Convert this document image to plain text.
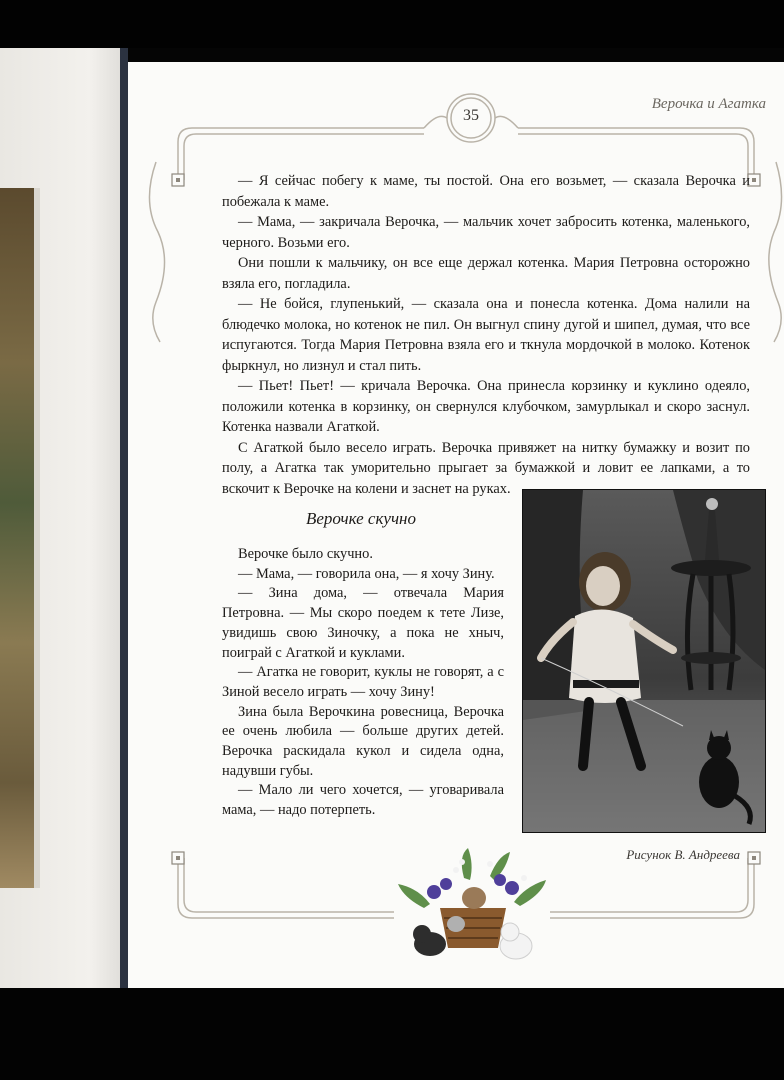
Верочка и Агатка
35

— Я сейчас побегу к маме, ты постой. Она его возьмет, — сказала Верочка и побежала к маме.

— Мама, — закричала Верочка, — мальчик хочет забросить котенка, маленького, черного. Возьми его.

Они пошли к мальчику, он все еще держал котенка. Мария Петровна осторожно взяла его, погладила.

— Не бойся, глупенький, — сказала она и понесла котенка. Дома налили на блюдечко молока, но котенок не пил. Он выгнул спину дугой и шипел, думая, что все испугаются. Тогда Мария Петровна взяла его и ткнула мордочкой в молоко. Котенок фыркнул, но лизнул и стал пить.

— Пьет! Пьет! — кричала Верочка. Она принесла корзинку и куклино одеяло, положили котенка в корзинку, он свернулся клубочком, замурлыкал и скоро заснул. Котенка назвали Агаткой.

С Агаткой было весело играть. Верочка привяжет на нитку бумажку и возит по полу, а Агатка так уморительно прыгает за бумажкой и ловит ее лапками, а то вскочит к Верочке на колени и заснет на руках.

Верочке скучно

Верочке было скучно.

— Мама, — говорила она, — я хочу Зину.

— Зина дома, — отвечала Мария Петровна. — Мы скоро поедем к тете Лизе, увидишь свою Зиночку, а пока не хныч, поиграй с Агаткой и куклами.

— Агатка не говорит, куклы не говорят, а с Зиной весело играть — хочу Зину!

Зина была Верочкина ровесница, Верочка ее очень любила — больше других детей. Верочка раскидала кукол и сидела одна, надувши губы.

— Мало ли чего хочется, — уговаривала мама, — надо потерпеть.

Рисунок В. Андреева
